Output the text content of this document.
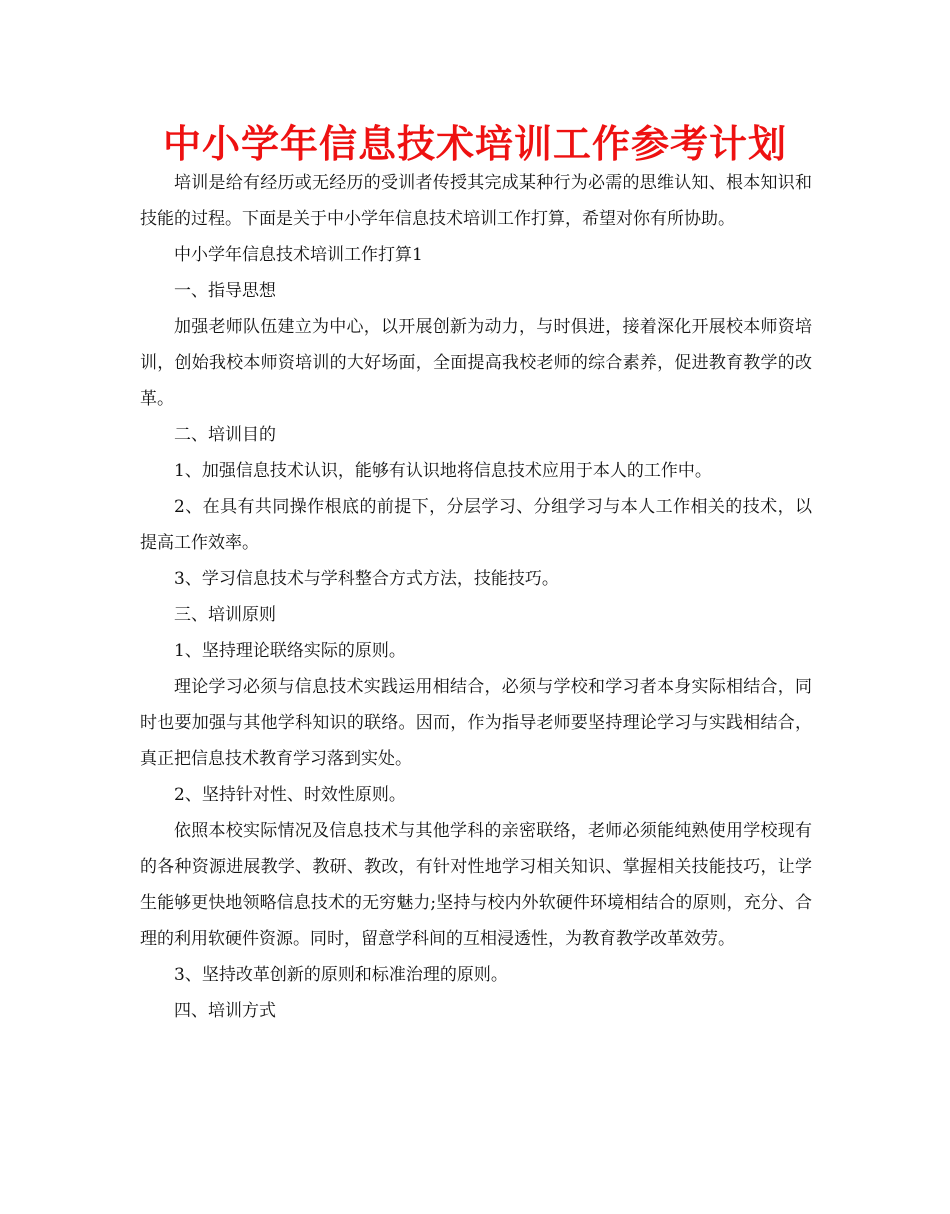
中小学年信息技术培训工作参考计划

培训是给有经历或无经历的受训者传授其完成某种行为必需的思维认知、根本知识和技能的过程。下面是关于中小学年信息技术培训工作打算，希望对你有所协助。

中小学年信息技术培训工作打算1

一、指导思想

加强老师队伍建立为中心，以开展创新为动力，与时俱进，接着深化开展校本师资培训，创始我校本师资培训的大好场面，全面提高我校老师的综合素养，促进教育教学的改革。

二、培训目的

1、加强信息技术认识，能够有认识地将信息技术应用于本人的工作中。

2、在具有共同操作根底的前提下，分层学习、分组学习与本人工作相关的技术，以提高工作效率。

3、学习信息技术与学科整合方式方法，技能技巧。

三、培训原则

1、坚持理论联络实际的原则。

理论学习必须与信息技术实践运用相结合，必须与学校和学习者本身实际相结合，同时也要加强与其他学科知识的联络。因而，作为指导老师要坚持理论学习与实践相结合，真正把信息技术教育学习落到实处。

2、坚持针对性、时效性原则。

依照本校实际情况及信息技术与其他学科的亲密联络，老师必须能纯熟使用学校现有的各种资源进展教学、教研、教改，有针对性地学习相关知识、掌握相关技能技巧，让学生能够更快地领略信息技术的无穷魅力;坚持与校内外软硬件环境相结合的原则，充分、合理的利用软硬件资源。同时，留意学科间的互相浸透性，为教育教学改革效劳。

3、坚持改革创新的原则和标准治理的原则。

四、培训方式
